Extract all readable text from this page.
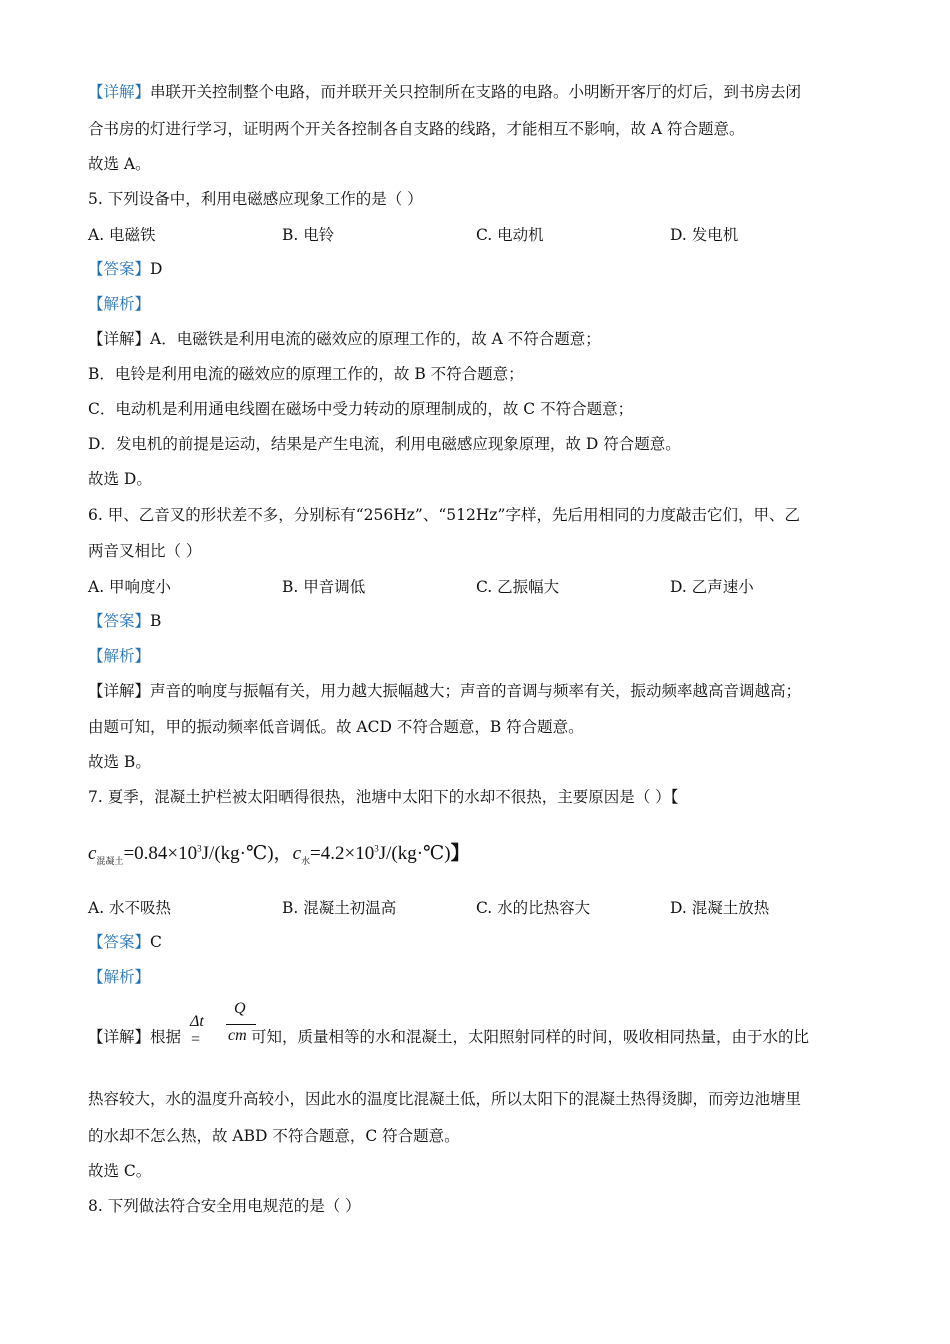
【详解】串联开关控制整个电路，而并联开关只控制所在支路的电路。小明断开客厅的灯后，到书房去闭
合书房的灯进行学习，证明两个开关各控制各自支路的线路，才能相互不影响，故 A 符合题意。
故选 A。
5. 下列设备中，利用电磁感应现象工作的是（ ）
A. 电磁铁	B. 电铃	C. 电动机	D. 发电机
【答案】D
【解析】
【详解】A．电磁铁是利用电流的磁效应的原理工作的，故 A 不符合题意；
B．电铃是利用电流的磁效应的原理工作的，故 B 不符合题意；
C．电动机是利用通电线圈在磁场中受力转动的原理制成的，故 C 不符合题意；
D．发电机的前提是运动，结果是产生电流，利用电磁感应现象原理，故 D 符合题意。
故选 D。
6. 甲、乙音叉的形状差不多，分别标有“256Hz”、“512Hz”字样，先后用相同的力度敲击它们，甲、乙
两音叉相比（ ）
A. 甲响度小	B. 甲音调低	C. 乙振幅大	D. 乙声速小
【答案】B
【解析】
【详解】声音的响度与振幅有关，用力越大振幅越大；声音的音调与频率有关，振动频率越高音调越高；
由题可知，甲的振动频率低音调低。故 ACD 不符合题意，B 符合题意。
故选 B。
7. 夏季，混凝土护栏被太阳晒得很热，池塘中太阳下的水却不很热，主要原因是（ ）【
$c_{混凝土}=0.84\times 10^3J/(kg\cdot℃)$，$c_水=4.2\times 10^3J/(kg\cdot℃)$】
A. 水不吸热	B. 混凝土初温高	C. 水的比热容大	D. 混凝土放热
【答案】C
【解析】
Δt =
Q
cm
【详解】根据	可知，质量相等的水和混凝土，太阳照射同样的时间，吸收相同热量，由于水的比
热容较大，水的温度升高较小，因此水的温度比混凝土低，所以太阳下的混凝土热得烫脚，而旁边池塘里
的水却不怎么热，故 ABD 不符合题意，C 符合题意。
故选 C。
8. 下列做法符合安全用电规范的是（ ）
